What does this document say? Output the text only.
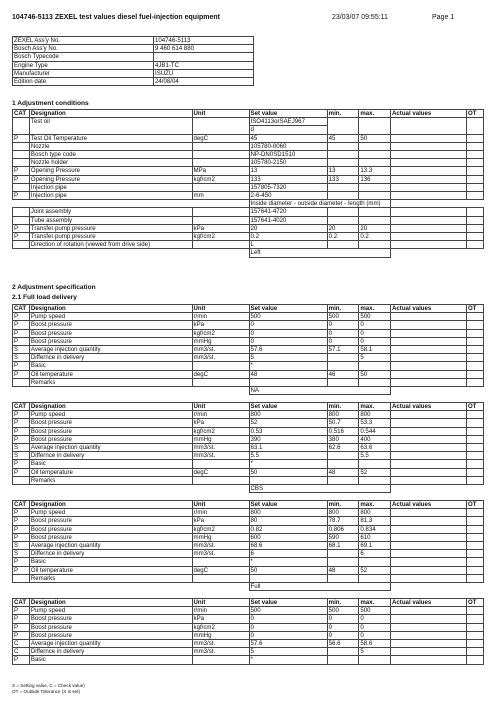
104746-5113 ZEXEL test values diesel fuel-injection equipment	23/03/07 09:55:11	Page 1
ZEXEL Ass'y No.	104746-5113
Bosch Ass'y No.	9 460 614 880
Bosch Typecode	
Engine Type	4JB1-TC
Manufacturer	ISUZU
Edition date	24/08/04
1 Adjustment conditions
CAT	Designation	Unit	Set value	min.	max.	Actual values	OT
	Test oil		ISO4113orSAEJ967				
			d				
P	Test Oil Temperature	degC	45	45	50		
	Nozzle		105780-0060				
	Bosch type code		NP-DN0SD1510				
	Nozzle holder		105780-2150				
P	Opening Pressure	MPa	13	13	13.3		
P	Opening Pressure	kgf/cm2	133	133	136		
	Injection pipe		157805-7320				
P	Injection pipe	mm	2-6-450				
			Inside diameter - outside diameter - length (mm)				
	Joint assembly		157641-4720				
	Tube assembly		157641-4020				
P	Transfer pump pressure	kPa	20	20	20		
P	Transfer pump pressure	kgf/cm2	0.2	0.2	0.2		
	Direction of rotation (viewed from drive side)		L				
			Left				
2 Adjustment specification
2.1 Full load delivery
CAT	Designation	Unit	Set value	min.	max.	Actual values	OT
P	Pump speed	r/min	500	500	500		
P	Boost pressure	kPa	0	0	0		
P	Boost pressure	kgf/cm2	0	0	0		
P	Boost pressure	mmHg	0	0	0		
S	Average injection quantity	mm3/st.	57.6	57.1	58.1		
S	Differnce in delivery	mm3/st.	5		5		
P	Basic		*				
P	Oil temperature	degC	48	46	50		
	Remarks						
			NA				
CAT	Designation	Unit	Set value	min.	max.	Actual values	OT
P	Pump speed	r/min	800	800	800		
P	Boost pressure	kPa	52	50.7	53.3		
P	Boost pressure	kgf/cm2	0.53	0.516	0.544		
P	Boost pressure	mmHg	390	380	400		
S	Average injection quantity	mm3/st.	63.1	62.6	63.6		
S	Differnce in delivery	mm3/st.	5.5		5.5		
P	Basic		*				
P	Oil temperature	degC	50	48	52		
	Remarks						
			CBS				
CAT	Designation	Unit	Set value	min.	max.	Actual values	OT
P	Pump speed	r/min	800	800	800		
P	Boost pressure	kPa	80	78.7	81.3		
P	Boost pressure	kgf/cm2	0.82	0.806	0.834		
P	Boost pressure	mmHg	600	590	610		
S	Average injection quantity	mm3/st.	68.6	68.1	69.1		
S	Differnce in delivery	mm3/st.	6		6		
P	Basic		*				
P	Oil temperature	degC	50	48	52		
	Remarks						
			Full				
CAT	Designation	Unit	Set value	min.	max.	Actual values	OT
P	Pump speed	r/min	500	500	500		
P	Boost pressure	kPa	0	0	0		
P	Boost pressure	kgf/cm2	0	0	0		
P	Boost pressure	mmHg	0	0	0		
C	Average injection quantity	mm3/st.	57.6	56.6	58.6		
C	Differnce in delivery	mm3/st.	5		5		
P	Basic		*				
S = Setting value, C = Check value)
OT = Outside Tolerance (X is set)
